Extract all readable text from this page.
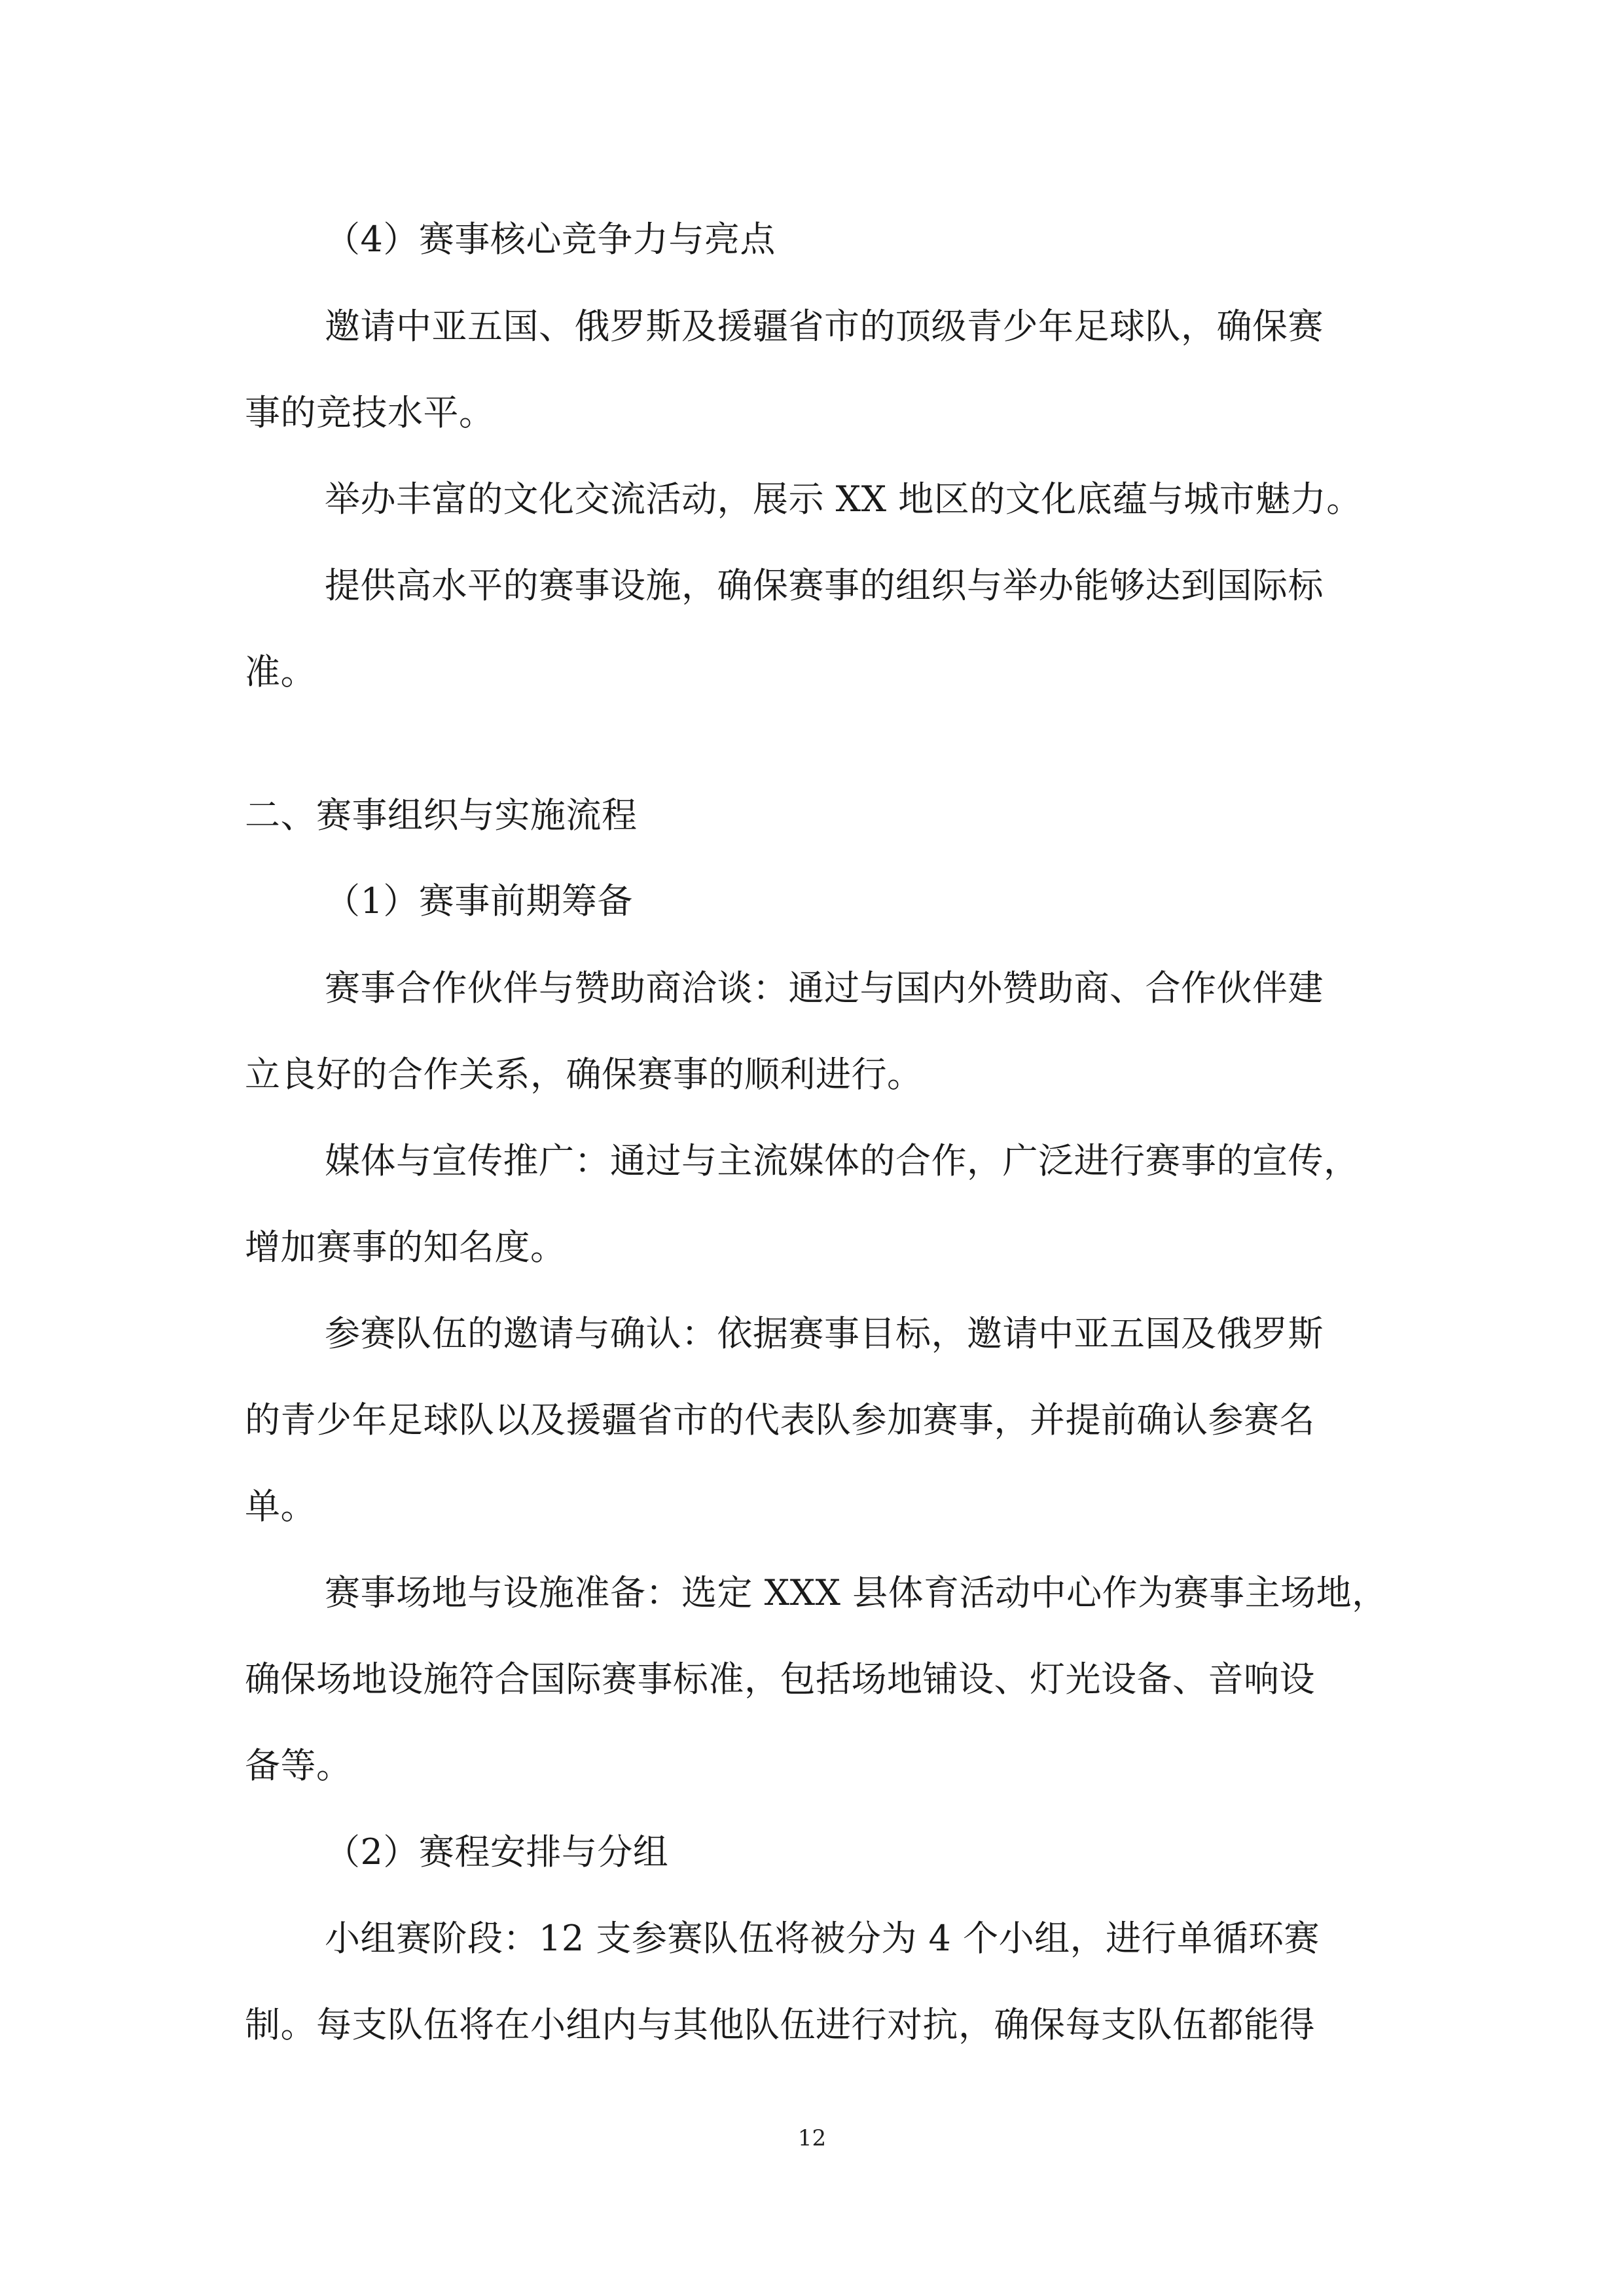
（4）赛事核心竞争力与亮点
邀请中亚五国、俄罗斯及援疆省市的顶级青少年足球队，确保赛
事的竞技水平。
举办丰富的文化交流活动，展示 XX 地区的文化底蕴与城市魅力。
提供高水平的赛事设施，确保赛事的组织与举办能够达到国际标
准。
二、赛事组织与实施流程
（1）赛事前期筹备
赛事合作伙伴与赞助商洽谈：通过与国内外赞助商、合作伙伴建
立良好的合作关系，确保赛事的顺利进行。
媒体与宣传推广：通过与主流媒体的合作，广泛进行赛事的宣传，
增加赛事的知名度。
参赛队伍的邀请与确认：依据赛事目标，邀请中亚五国及俄罗斯
的青少年足球队以及援疆省市的代表队参加赛事，并提前确认参赛名
单。
赛事场地与设施准备：选定 XXX 县体育活动中心作为赛事主场地，
确保场地设施符合国际赛事标准，包括场地铺设、灯光设备、音响设
备等。
（2）赛程安排与分组
小组赛阶段：12 支参赛队伍将被分为 4 个小组，进行单循环赛
制。每支队伍将在小组内与其他队伍进行对抗，确保每支队伍都能得
12
